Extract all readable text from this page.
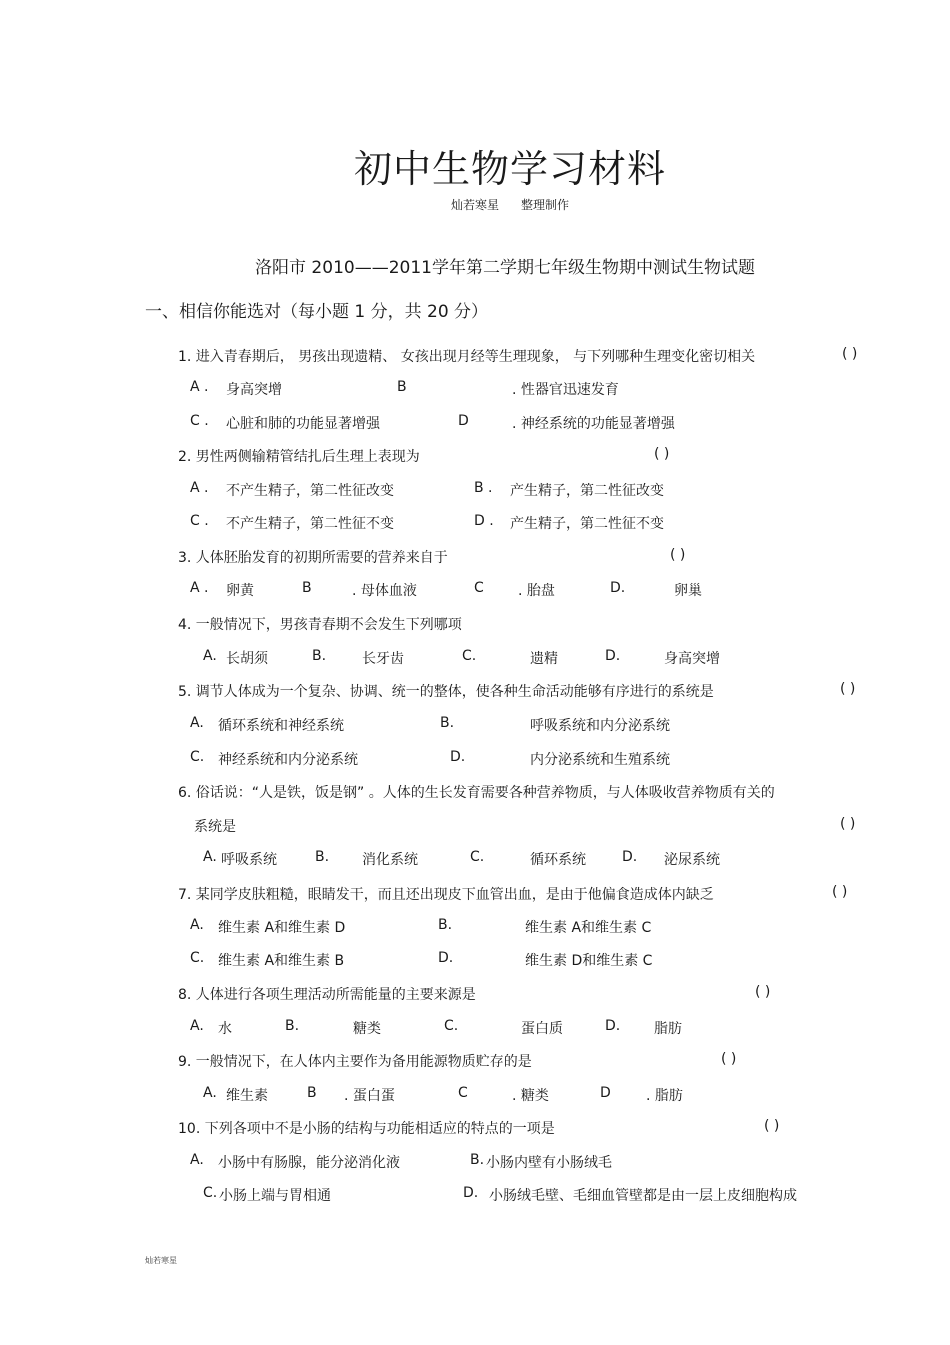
初中生物学习材料
灿若寒星 整理制作
洛阳市 2010——2011学年第二学期七年级生物期中测试生物试题
一、相信你能选对（每小题 1 分，共 20 分）
1. 进入青春期后， 男孩出现遗精、 女孩出现月经等生理现象， 与下列哪种生理变化密切相关	( )
A . 身高突增	B	. 性器官迅速发育
C . 心脏和肺的功能显著增强	D	. 神经系统的功能显著增强
2. 男性两侧输精管结扎后生理上表现为	( )
A . 不产生精子，第二性征改变	B . 产生精子，第二性征改变
C . 不产生精子，第二性征不变	D . 产生精子，第二性征不变
3. 人体胚胎发育的初期所需要的营养来自于	( )
A . 卵黄	B	. 母体血液	C . 胎盘	D.	卵巢
4. 一般情况下，男孩青春期不会发生下列哪项
A. 长胡须	B.	长牙齿	C.	遗精	D.	身高突增
5. 调节人体成为一个复杂、协调、统一的整体，使各种生命活动能够有序进行的系统是	( )
A. 循环系统和神经系统	B.	呼吸系统和内分泌系统
C. 神经系统和内分泌系统	D.	内分泌系统和生殖系统
6. 俗话说：“人是铁，饭是钢” 。人体的生长发育需要各种营养物质，与人体吸收营养物质有关的
系统是	( )
A. 呼吸系统	B. 消化系统	C.	循环系统	D. 泌尿系统
7. 某同学皮肤粗糙，眼睛发干，而且还出现皮下血管出血，是由于他偏食造成体内缺乏	( )
A. 维生素 A和维生素 D	B.	维生素 A和维生素 C
C. 维生素 A和维生素 B	D.	维生素 D和维生素 C
8. 人体进行各项生理活动所需能量的主要来源是	( )
A. 水	B.	糖类	C.	蛋白质	D. 脂肪
9. 一般情况下，在人体内主要作为备用能源物质贮存的是	( )
A. 维生素	B . 蛋白蛋	C	. 糖类	D	. 脂肪
10. 下列各项中不是小肠的结构与功能相适应的特点的一项是	( )
A. 小肠中有肠腺，能分泌消化液	B. 小肠内壁有小肠绒毛
C. 小肠上端与胃相通	D. 小肠绒毛壁、毛细血管壁都是由一层上皮细胞构成
灿若寒星
